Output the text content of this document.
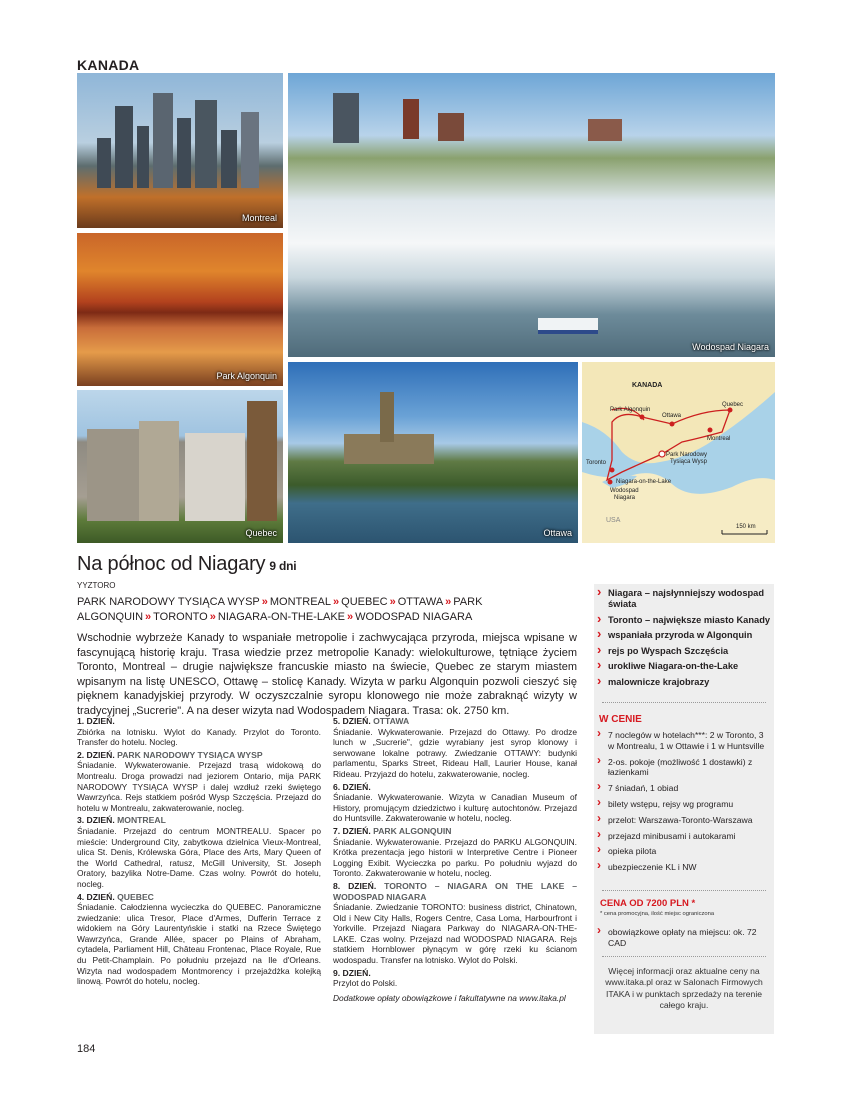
KANADA
Montreal
Park Algonquin
Quebec
Wodospad Niagara
Ottawa
KANADA
Park Algonquin
Ottawa
Quebec
Montreal
Toronto
Park Narodowy
Tysiąca Wysp
Niagara-on-the-Lake
Wodospad
Niagara
USA
150 km
Na północ od Niagary 9 dni
YYZTORO
PARK NARODOWY TYSIĄCA WYSP » MONTREAL » QUEBEC » OTTAWA » PARK ALGONQUIN » TORONTO » NIAGARA-ON-THE-LAKE » WODOSPAD NIAGARA
Wschodnie wybrzeże Kanady to wspaniałe metropolie i zachwycająca przyroda, miejsca wpisane w fascynującą historię kraju. Trasa wiedzie przez metropolie Kanady: wielokulturowe, tętniące życiem Toronto, Montreal – drugie największe francuskie miasto na świecie, Quebec ze starym miastem wpisanym na listę UNESCO, Ottawę – stolicę Kanady. Wizyta w parku Algonquin pozwoli cieszyć się pięknem kanadyjskiej przyrody. W oczyszczalnie syropu klonowego nie może zabraknąć wizyty w tradycyjnej „Sucrerie". A na deser wizyta nad Wodospadem Niagara. Trasa: ok. 2750 km.
1. DZIEŃ.
Zbiórka na lotnisku. Wylot do Kanady. Przylot do Toronto. Transfer do hotelu. Nocleg.
2. DZIEŃ. PARK NARODOWY TYSIĄCA WYSP
Śniadanie. Wykwaterowanie. Przejazd trasą widokową do Montrealu. Droga prowadzi nad jeziorem Ontario, mija PARK NARODOWY TYSIĄCA WYSP i dalej wzdłuż rzeki świętego Wawrzyńca. Rejs statkiem pośród Wysp Szczęścia. Przejazd do hotelu w Montrealu, zakwaterowanie, nocleg.
3. DZIEŃ. MONTREAL
Śniadanie. Przejazd do centrum MONTREALU. Spacer po mieście: Underground City, zabytkowa dzielnica Vieux-Montreal, ulica St. Denis, Królewska Góra, Place des Arts, Mary Queen of the World Cathedral, ratusz, McGill University, St. Joseph Oratory, bazylika Notre-Dame. Czas wolny. Powrót do hotelu, nocleg.
4. DZIEŃ. QUEBEC
Śniadanie. Całodzienna wycieczka do QUEBEC. Panoramiczne zwiedzanie: ulica Tresor, Place d'Armes, Dufferin Terrace z widokiem na Góry Laurentyńskie i statki na Rzece Świętego Wawrzyńca, Grande Allée, spacer po Plains of Abraham, cytadela, Parliament Hill, Château Frontenac, Place Royale, Rue du Petit-Champlain. Po południu przejazd na Ile d'Orleans. Wizyta nad wodospadem Montmorency i przejażdżka kolejką linową. Powrót do hotelu, nocleg.
5. DZIEŃ. OTTAWA
Śniadanie. Wykwaterowanie. Przejazd do Ottawy. Po drodze lunch w „Sucrerie", gdzie wyrabiany jest syrop klonowy i serwowane lokalne potrawy. Zwiedzanie OTTAWY: budynki parlamentu, Sparks Street, Rideau Hall, Laurier House, kanał Rideau. Przyjazd do hotelu, zakwaterowanie, nocleg.
6. DZIEŃ.
Śniadanie. Wykwaterowanie. Wizyta w Canadian Museum of History, promującym dziedzictwo i kulturę autochtonów. Przejazd do Huntsville. Zakwaterowanie w hotelu, nocleg.
7. DZIEŃ. PARK ALGONQUIN
Śniadanie. Wykwaterowanie. Przejazd do PARKU ALGONQUIN. Krótka prezentacja jego historii w Interpretive Centre i Pioneer Logging Exibit. Wycieczka po parku. Po południu wyjazd do Toronto. Zakwaterowanie w hotelu, nocleg.
8. DZIEŃ. TORONTO – NIAGARA ON THE LAKE – WODOSPAD NIAGARA
Śniadanie. Zwiedzanie TORONTO: business district, Chinatown, Old i New City Halls, Rogers Centre, Casa Loma, Harbourfront i Yorkville. Przejazd Niagara Parkway do NIAGARA-ON-THE-LAKE. Czas wolny. Przejazd nad WODOSPAD NIAGARA. Rejs statkiem Hornblower płynącym w górę rzeki ku ścianom wodospadu. Transfer na lotnisko. Wylot do Polski.
9. DZIEŃ.
Przylot do Polski.
Dodatkowe opłaty obowiązkowe i fakultatywne na www.itaka.pl
184
› Niagara – najsłynniejszy wodospad świata
› Toronto – największe miasto Kanady
› wspaniała przyroda w Algonquin
› rejs po Wyspach Szczęścia
› urokliwe Niagara-on-the-Lake
› malownicze krajobrazy
W CENIE
› 7 noclegów w hotelach***: 2 w Toronto, 3 w Montrealu, 1 w Ottawie i 1 w Huntsville
› 2-os. pokoje (możliwość 1 dostawki) z łazienkami
› 7 śniadań, 1 obiad
› bilety wstępu, rejsy wg programu
› przelot: Warszawa-Toronto-Warszawa
› przejazd minibusami i autokarami
› opieka pilota
› ubezpieczenie KL i NW
CENA OD 7200 PLN *
* cena promocyjna, ilość miejsc ograniczona
› obowiązkowe opłaty na miejscu: ok. 72 CAD
Więcej informacji oraz aktualne ceny na www.itaka.pl oraz w Salonach Firmowych ITAKA i w punktach sprzedaży na terenie całego kraju.
